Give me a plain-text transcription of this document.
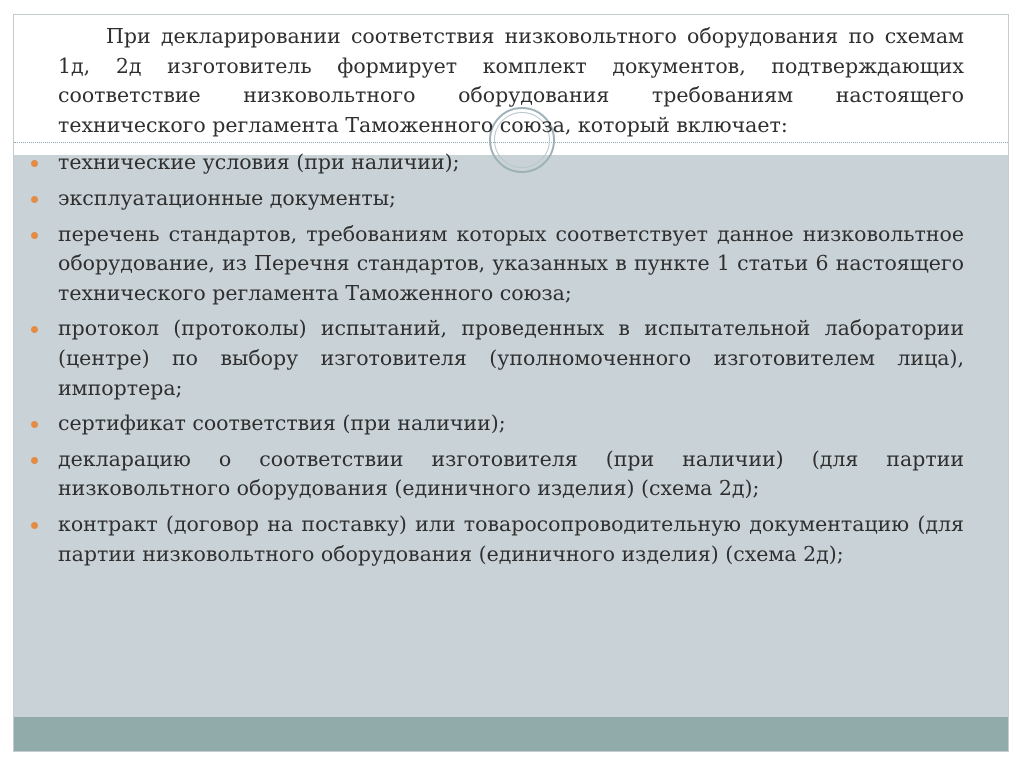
При декларировании соответствия низковольтного оборудования по схемам 1д, 2д изготовитель формирует комплект документов, подтверждающих соответствие низковольтного оборудования требованиям настоящего технического регламента Таможенного союза, который включает:

технические условия (при наличии);
эксплуатационные документы;
перечень стандартов, требованиям которых соответствует данное низковольтное оборудование, из Перечня стандартов, указанных в пункте 1 статьи 6 настоящего технического регламента Таможенного союза;
протокол (протоколы) испытаний, проведенных в испытательной лаборатории (центре) по выбору изготовителя (уполномоченного изготовителем лица), импортера;
сертификат соответствия (при наличии);
декларацию о соответствии изготовителя (при наличии) (для партии низковольтного оборудования (единичного изделия) (схема 2д);
контракт (договор на поставку) или товаросопроводительную документацию (для партии низковольтного оборудования (единичного изделия) (схема 2д);
